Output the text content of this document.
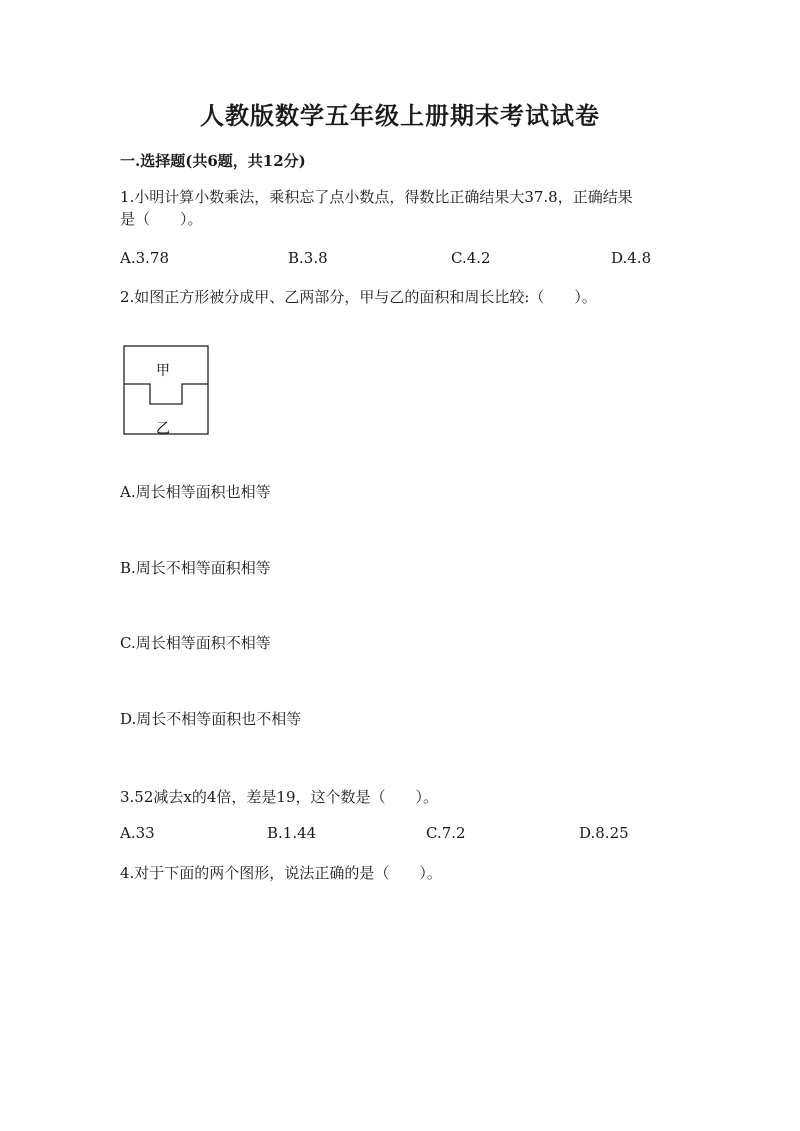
人教版数学五年级上册期末考试试卷
一.选择题(共6题，共12分)
1.小明计算小数乘法，乘积忘了点小数点，得数比正确结果大37.8，正确结果
是（　　）。
A.3.78	B.3.8	C.4.2	D.4.8
2.如图正方形被分成甲、乙两部分，甲与乙的面积和周长比较:（　　）。
甲
乙
A.周长相等面积也相等
B.周长不相等面积相等
C.周长相等面积不相等
D.周长不相等面积也不相等
3.52减去x的4倍，差是19，这个数是（　　）。
A.33	B.1.44	C.7.2	D.8.25
4.对于下面的两个图形，说法正确的是（　　）。
